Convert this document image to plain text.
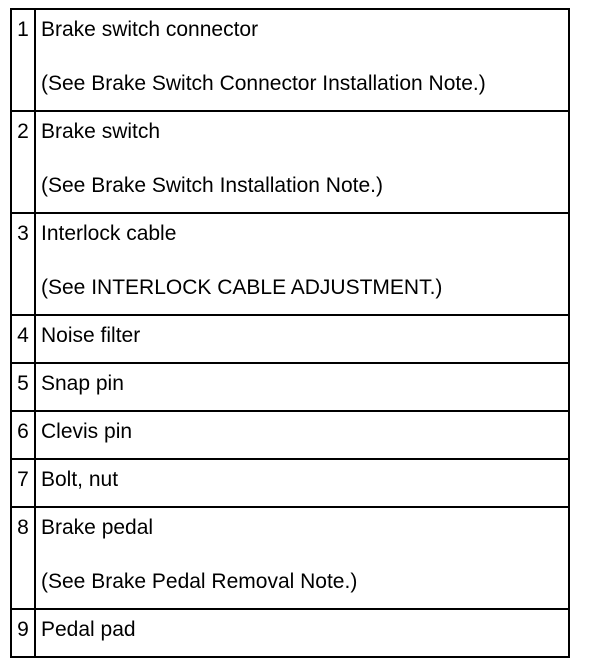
1	Brake switch connector
(See Brake Switch Connector Installation Note.)

2	Brake switch
(See Brake Switch Installation Note.)

3	Interlock cable
(See INTERLOCK CABLE ADJUSTMENT.)

4	Noise filter

5	Snap pin

6	Clevis pin

7	Bolt, nut

8	Brake pedal
(See Brake Pedal Removal Note.)

9	Pedal pad
